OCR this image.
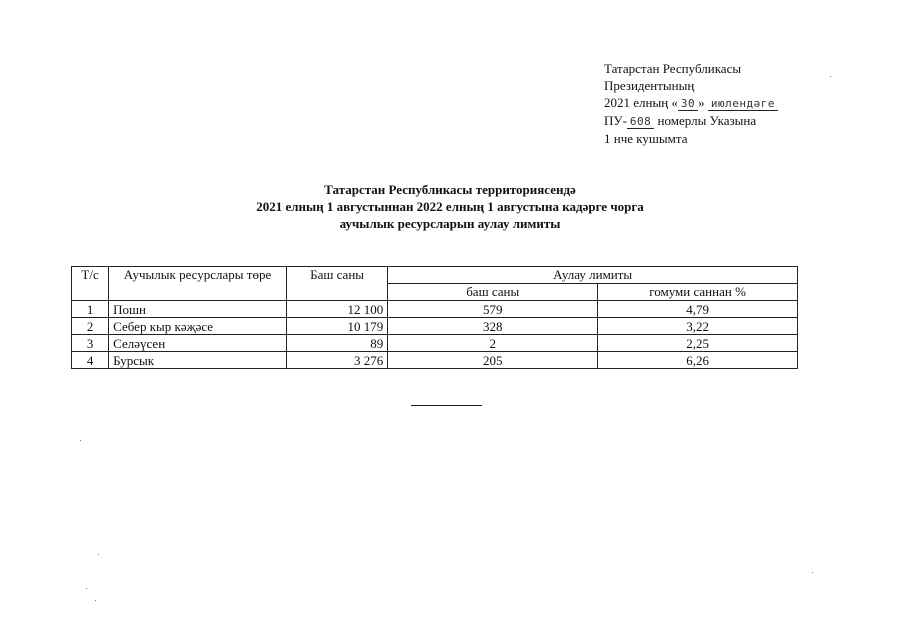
Татарстан Республикасы
Президентының
2021 елның « 30 » июлендәге
ПУ- 608 номерлы Указына
1 нче кушымта
Татарстан Республикасы территориясендә
2021 елның 1 августыннан 2022 елның 1 августына кадәрге чорга
аучылык ресурсларын аулау лимиты
Т/с	Аучылык ресурслары төре	Баш саны	Аулау лимиты	
			баш саны	гомуми саннан %
1	Пошн	12 100	579	4,79
2	Себер кыр кәҗәсе	10 179	328	3,22
3	Селәүсен	89	2	2,25
4	Бурсык	3 276	205	6,26
